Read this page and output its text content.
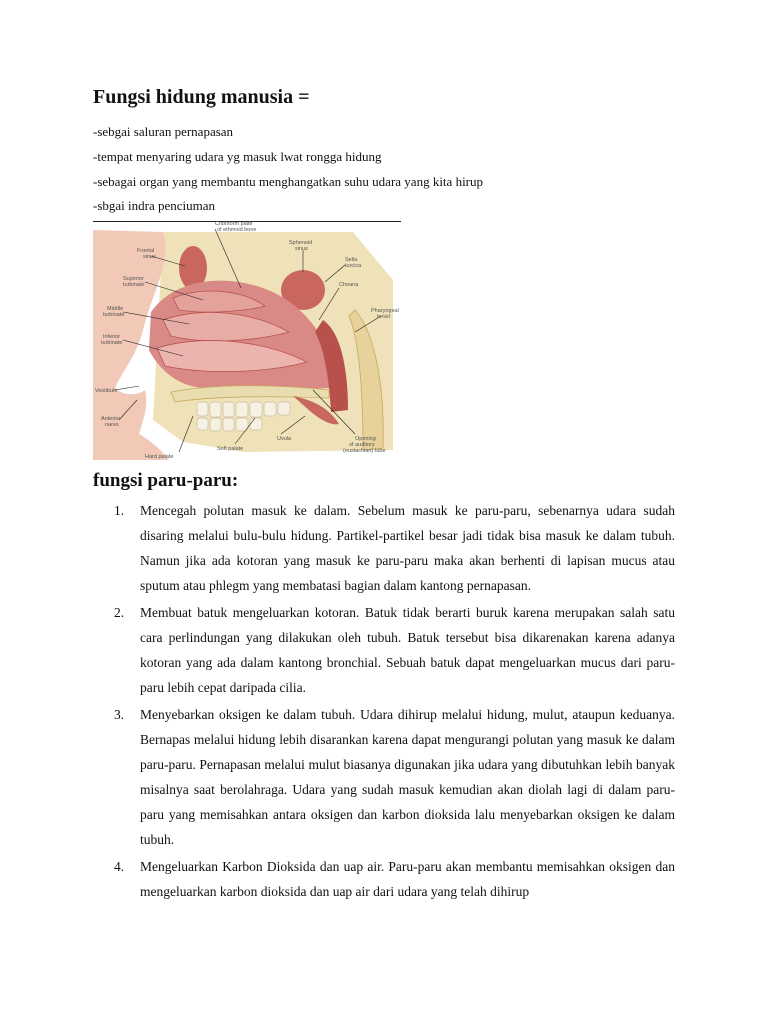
Fungsi hidung manusia =

-sebgai saluran pernapasan

-tempat menyaring udara yg masuk lwat rongga hidung

-sebagai organ yang membantu menghangatkan suhu udara yang kita hirup

-sbgai indra penciuman

Cribriform plate
of ethmoid bone
Frontal
sinus
Sphenoid
sinus
Sella
turcica
Superior
turbinate	Choana
Middle
turbinate
Pharyngeal
tonsil
Inferior
turbinate
Vestibule
Anterior
nares
Uvula
Soft palate
Hard palate
Opening
of auditory
(eustachian) tube
fungsi paru-paru:
1. Mencegah polutan masuk ke dalam. Sebelum masuk ke paru-paru, sebenarnya udara sudah disaring melalui bulu-bulu hidung. Partikel-partikel besar jadi tidak bisa masuk ke dalam tubuh. Namun jika ada kotoran yang masuk ke paru-paru maka akan berhenti di lapisan mucus atau sputum atau phlegm yang membatasi bagian dalam kantong pernapasan.

2. Membuat batuk mengeluarkan kotoran. Batuk tidak berarti buruk karena merupakan salah satu cara perlindungan yang dilakukan oleh tubuh. Batuk tersebut bisa dikarenakan karena adanya kotoran yang ada dalam kantong bronchial. Sebuah batuk dapat mengeluarkan mucus dari paru-paru lebih cepat daripada cilia.

3. Menyebarkan oksigen ke dalam tubuh. Udara dihirup melalui hidung, mulut, ataupun keduanya. Bernapas melalui hidung lebih disarankan karena dapat mengurangi polutan yang masuk ke dalam paru-paru. Pernapasan melalui mulut biasanya digunakan jika udara yang dibutuhkan lebih banyak misalnya saat berolahraga. Udara yang sudah masuk kemudian akan diolah lagi di dalam paru-paru yang memisahkan antara oksigen dan karbon dioksida lalu menyebarkan oksigen ke dalam tubuh.

4. Mengeluarkan Karbon Dioksida dan uap air. Paru-paru akan membantu memisahkan oksigen dan mengeluarkan karbon dioksida dan uap air dari udara yang telah dihirup
